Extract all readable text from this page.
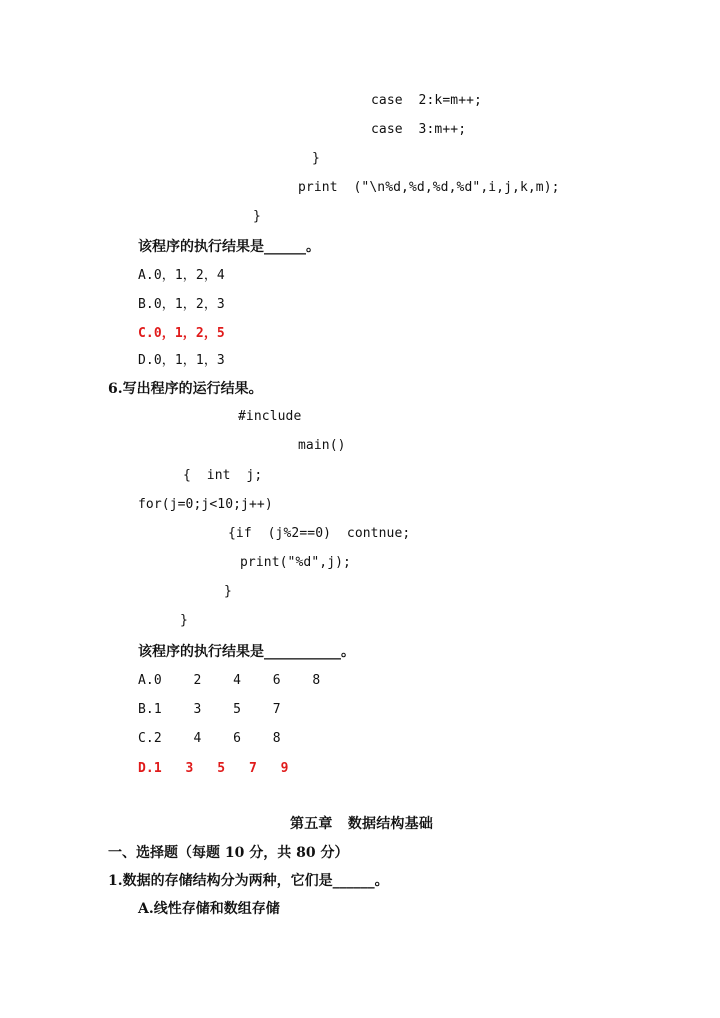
case  2:k=m++;
case  3:m++;
}
print  ("\n%d,%d,%d,%d",i,j,k,m);
}
该程序的执行结果是______。
A.0，1，2，4
B.0，1，2，3
C.0，1，2，5
D.0，1，1，3
6.写出程序的运行结果。
#include
main()
{  int  j;
for(j=0;j<10;j++)
{if  (j%2==0)  contnue;
print("%d",j);
}
}
该程序的执行结果是___________。
A.0    2    4    6    8
B.1    3    5    7
C.2    4    6    8
D.1   3   5   7   9
第五章   数据结构基础
一、选择题（每题 10 分，共 80 分）
1.数据的存储结构分为两种，它们是______。
A.线性存储和数组存储
